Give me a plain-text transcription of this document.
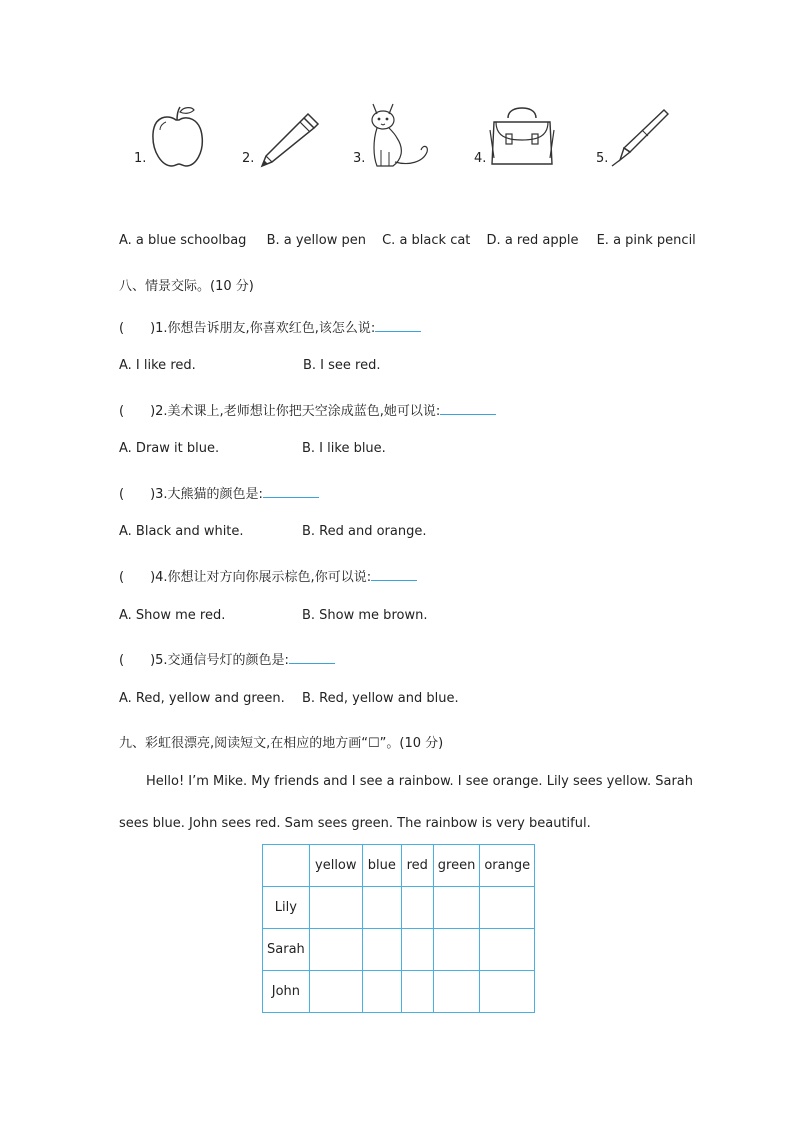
1.	2.	3.	4.	5.
A. a blue schoolbag B. a yellow pen C. a black cat D. a red apple E. a pink pencil
八、情景交际。(10 分)
( )1.你想告诉朋友,你喜欢红色,该怎么说:
A. I like red.	B. I see red.
( )2.美术课上,老师想让你把天空涂成蓝色,她可以说:
A. Draw it blue.	B. I like blue.
( )3.大熊猫的颜色是:
A. Black and white.	B. Red and orange.
( )4.你想让对方向你展示棕色,你可以说:
A. Show me red.	B. Show me brown.
( )5.交通信号灯的颜色是:
A. Red, yellow and green. B. Red, yellow and blue.
九、彩虹很漂亮,阅读短文,在相应的地方画“☐”。(10 分)
Hello! I’m Mike. My friends and I see a rainbow. I see orange. Lily sees yellow. Sarah
sees blue. John sees red. Sam sees green. The rainbow is very beautiful.
	yellow	blue	red	green	orange
Lily					
Sarah					
John					
